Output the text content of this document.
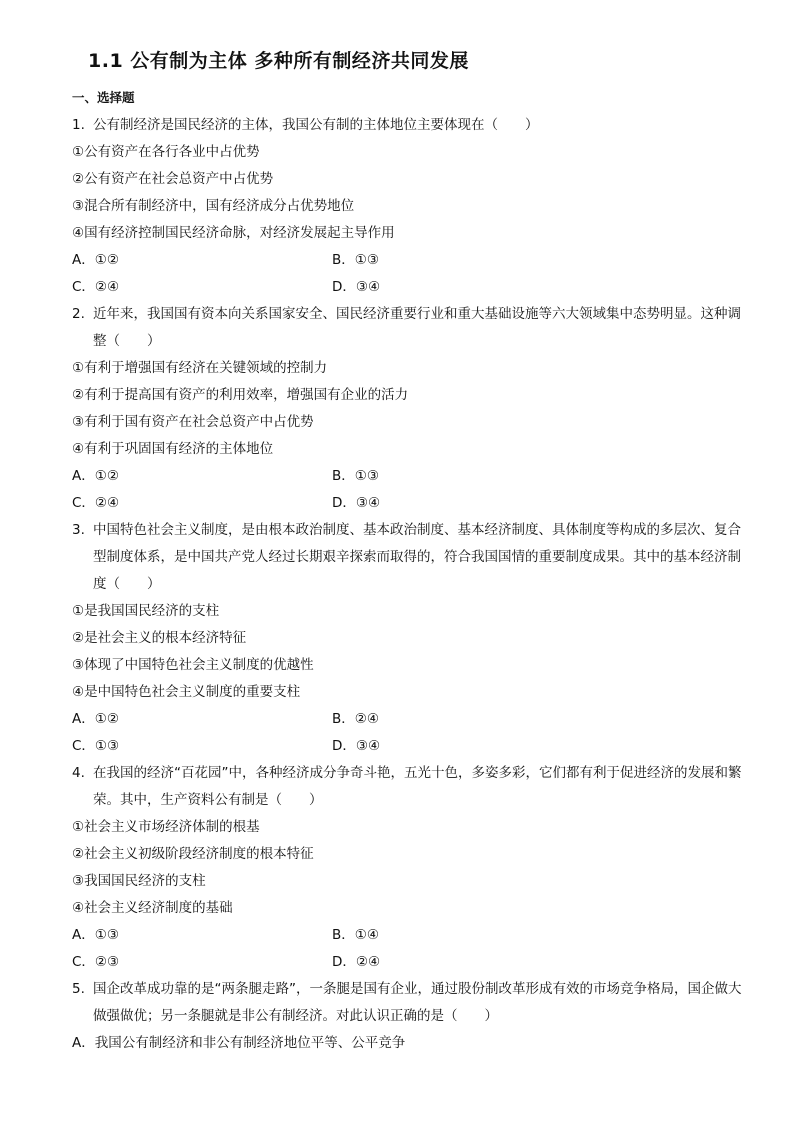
1.1 公有制为主体 多种所有制经济共同发展
一、选择题
1. 公有制经济是国民经济的主体，我国公有制的主体地位主要体现在（　　）
①公有资产在各行各业中占优势
②公有资产在社会总资产中占优势
③混合所有制经济中，国有经济成分占优势地位
④国有经济控制国民经济命脉，对经济发展起主导作用
A．①②	B．①③
C．②④	D．③④
2. 近年来，我国国有资本向关系国家安全、国民经济重要行业和重大基础设施等六大领域集中态势明显。这种调整（　　）
①有利于增强国有经济在关键领域的控制力
②有利于提高国有资产的利用效率，增强国有企业的活力
③有利于国有资产在社会总资产中占优势
④有利于巩固国有经济的主体地位
A．①②	B．①③
C．②④	D．③④
3. 中国特色社会主义制度，是由根本政治制度、基本政治制度、基本经济制度、具体制度等构成的多层次、复合型制度体系，是中国共产党人经过长期艰辛探索而取得的，符合我国国情的重要制度成果。其中的基本经济制度（　　）
①是我国国民经济的支柱
②是社会主义的根本经济特征
③体现了中国特色社会主义制度的优越性
④是中国特色社会主义制度的重要支柱
A．①②	B．②④
C．①③	D．③④
4. 在我国的经济“百花园”中，各种经济成分争奇斗艳，五光十色，多姿多彩，它们都有利于促进经济的发展和繁荣。其中，生产资料公有制是（　　）
①社会主义市场经济体制的根基
②社会主义初级阶段经济制度的根本特征
③我国国民经济的支柱
④社会主义经济制度的基础
A．①③	B．①④
C．②③	D．②④
5. 国企改革成功靠的是“两条腿走路”，一条腿是国有企业，通过股份制改革形成有效的市场竞争格局，国企做大做强做优；另一条腿就是非公有制经济。对此认识正确的是（　　）
A．我国公有制经济和非公有制经济地位平等、公平竞争
